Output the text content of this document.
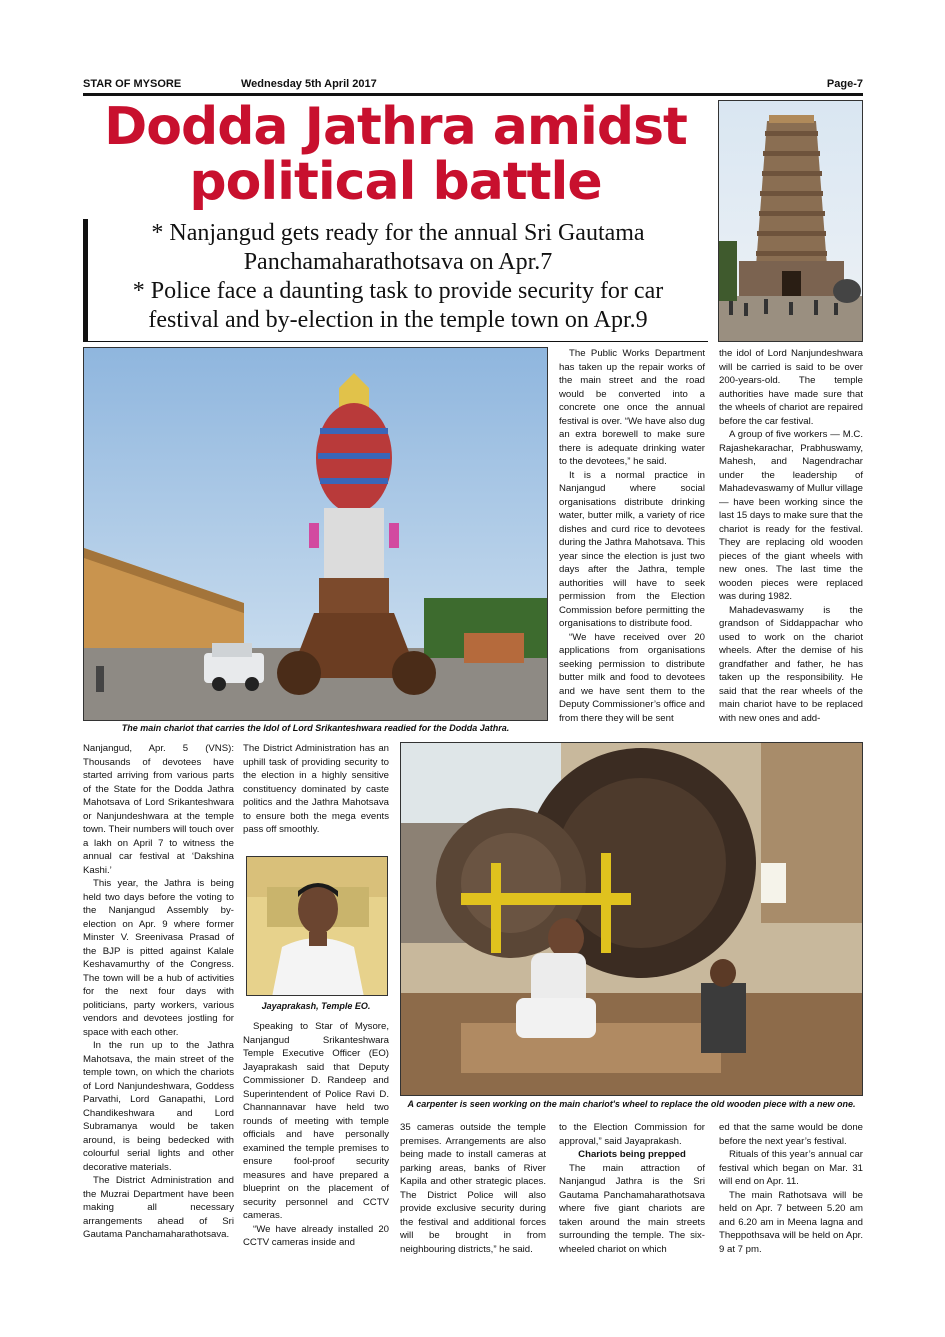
STAR OF MYSORE	Wednesday 5th April 2017	Page-7
Dodda Jathra amidst
political battle
* Nanjangud gets ready for the annual Sri Gautama
Panchamaharathotsava on Apr.7
* Police face a daunting task to provide security for car
festival and by-election in the temple town on Apr.9
The main chariot that carries the Idol of Lord Srikanteshwara readied for the Dodda Jathra.

Nanjangud, Apr. 5 (VNS): Thousands of devotees have started arriving from various parts of the State for the Dodda Jathra Mahotsava of Lord Srikanteshwara or Nanjundeshwara at the temple town. Their numbers will touch over a lakh on April 7 to witness the annual car festival at ‘Dakshina Kashi.’

This year, the Jathra is being held two days before the voting to the Nanjangud Assembly by-election on Apr. 9 where former Minster V. Sreenivasa Prasad of the BJP is pitted against Kalale Keshavamurthy of the Congress. The town will be a hub of activities for the next four days with politicians, party workers, various vendors and devotees jostling for space with each other.

In the run up to the Jathra Mahotsava, the main street of the temple town, on which the chariots of Lord Nanjundeshwara, Goddess Parvathi, Lord Ganapathi, Lord Chandikeshwara and Lord Subramanya would be taken around, is being bedecked with colourful serial lights and other decorative materials.

The District Administration and the Muzrai Department have been making all necessary arrangements ahead of Sri Gautama Panchamaharathotsava.

The District Administration has an uphill task of providing security to the election in a highly sensitive constituency dominated by caste politics and the Jathra Mahotsava to ensure both the mega events pass off smoothly.

Jayaprakash, Temple EO.

Speaking to Star of Mysore, Nanjangud Srikanteshwara Temple Executive Officer (EO) Jayaprakash said that Deputy Commissioner D. Randeep and Superintendent of Police Ravi D. Channannavar have held two rounds of meeting with temple officials and have personally examined the temple premises to ensure fool-proof security measures and have prepared a blueprint on the placement of security personnel and CCTV cameras.

“We have already installed 20 CCTV cameras inside and

The Public Works Department has taken up the repair works of the main street and the road would be converted into a concrete one once the annual festival is over. “We have also dug an extra borewell to make sure there is adequate drinking water to the devotees,” he said.

It is a normal practice in Nanjangud where social organisations distribute drinking water, butter milk, a variety of rice dishes and curd rice to devotees during the Jathra Mahotsava. This year since the election is just two days after the Jathra, temple authorities will have to seek permission from the Election Commission before permitting the organisations to distribute food.

“We have received over 20 applications from organisations seeking permission to distribute butter milk and food to devotees and we have sent them to the Deputy Commissioner’s office and from there they will be sent

the idol of Lord Nanjundeshwara will be carried is said to be over 200-years-old. The temple authorities have made sure that the wheels of chariot are repaired before the car festival.

A group of five workers — M.C. Rajashekarachar, Prabhuswamy, Mahesh, and Nagendrachar under the leadership of Mahadevaswamy of Mullur village — have been working since the last 15 days to make sure that the chariot is ready for the festival. They are replacing old wooden pieces of the giant wheels with new ones. The last time the wooden pieces were replaced was during 1982.

Mahadevaswamy is the grandson of Siddappachar who used to work on the chariot wheels. After the demise of his grandfather and father, he has taken up the responsibility. He said that the rear wheels of the main chariot have to be replaced with new ones and add-

A carpenter is seen working on the main chariot's wheel to replace the old wooden piece with a new one.

35 cameras outside the temple premises. Arrangements are also being made to install cameras at parking areas, banks of River Kapila and other strategic places. The District Police will also provide exclusive security during the festival and additional forces will be brought in from neighbouring districts,” he said.

to the Election Commission for approval,” said Jayaprakash.

Chariots being prepped

The main attraction of Nanjangud Jathra is the Sri Gautama Panchamaharathotsava where five giant chariots are taken around the main streets surrounding the temple. The six-wheeled chariot on which

ed that the same would be done before the next year’s festival.

Rituals of this year’s annual car festival which began on Mar. 31 will end on Apr. 11.

The main Rathotsava will be held on Apr. 7 between 5.20 am and 6.20 am in Meena lagna and Theppothsava will be held on Apr. 9 at 7 pm.
